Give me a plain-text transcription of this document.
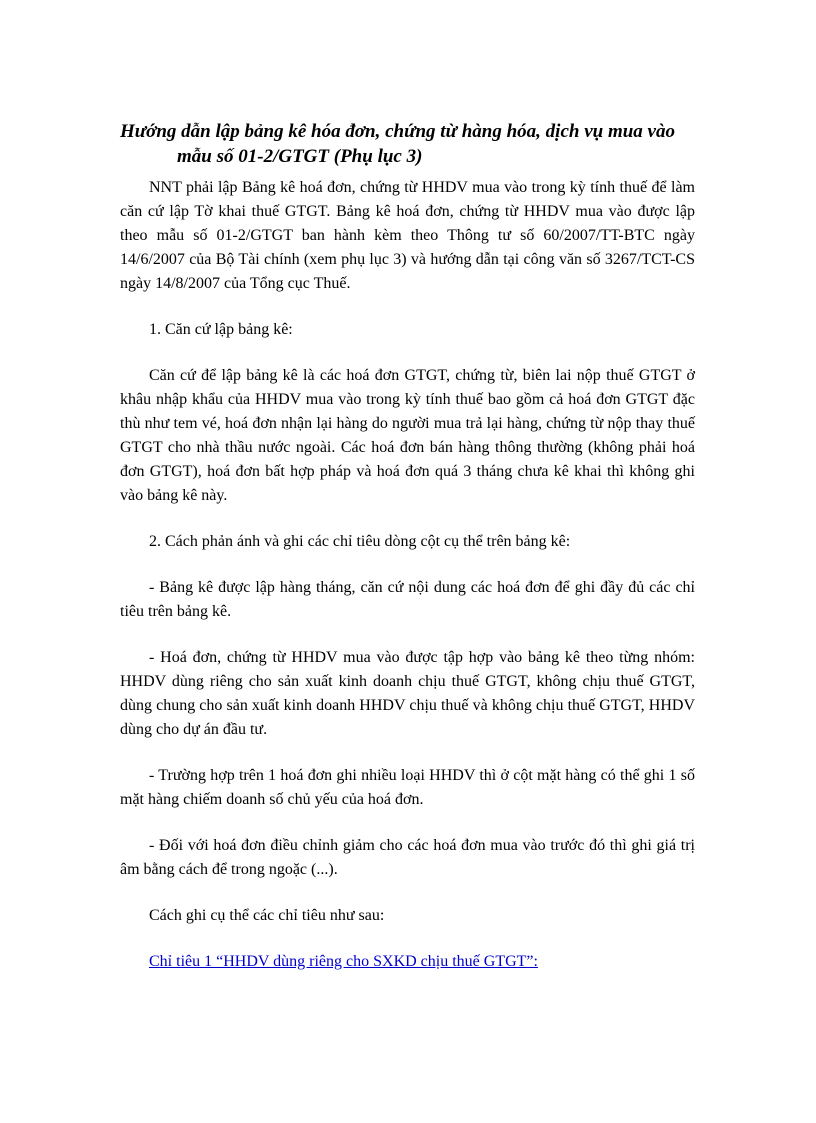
Hướng dẫn lập bảng kê hóa đơn, chứng từ hàng hóa, dịch vụ mua vào
mẫu số 01-2/GTGT (Phụ lục 3)

NNT phải lập Bảng kê hoá đơn, chứng từ HHDV mua vào trong kỳ tính thuế để làm căn cứ lập Tờ khai thuế GTGT. Bảng kê hoá đơn, chứng từ HHDV mua vào được lập theo mẫu số 01-2/GTGT ban hành kèm theo Thông tư số 60/2007/TT-BTC ngày 14/6/2007 của Bộ Tài chính (xem phụ lục 3) và hướng dẫn tại công văn số 3267/TCT-CS ngày 14/8/2007 của Tổng cục Thuế.

1. Căn cứ lập bảng kê:

Căn cứ để lập bảng kê là các hoá đơn GTGT, chứng từ, biên lai nộp thuế GTGT ở khâu nhập khẩu của HHDV mua vào trong kỳ tính thuế bao gồm cả hoá đơn GTGT đặc thù như tem vé, hoá đơn nhận lại hàng do người mua trả lại hàng, chứng từ nộp thay thuế GTGT cho nhà thầu nước ngoài. Các hoá đơn bán hàng thông thường (không phải hoá đơn GTGT), hoá đơn bất hợp pháp và hoá đơn quá 3 tháng chưa kê khai thì không ghi vào bảng kê này.

2. Cách phản ánh và ghi các chỉ tiêu dòng cột cụ thể trên bảng kê:

- Bảng kê được lập hàng tháng, căn cứ nội dung các hoá đơn để ghi đầy đủ các chỉ tiêu trên bảng kê.

- Hoá đơn, chứng từ HHDV mua vào được tập hợp vào bảng kê theo từng nhóm: HHDV dùng riêng cho sản xuất kinh doanh chịu thuế GTGT, không chịu thuế GTGT, dùng chung cho sản xuất kinh doanh HHDV chịu thuế và không chịu thuế GTGT, HHDV dùng cho dự án đầu tư.

- Trường hợp trên 1 hoá đơn ghi nhiều loại HHDV thì ở cột mặt hàng có thể ghi 1 số mặt hàng chiếm doanh số chủ yếu của hoá đơn.

- Đối với hoá đơn điều chỉnh giảm cho các hoá đơn mua vào trước đó thì ghi giá trị âm bằng cách để trong ngoặc (...).

Cách ghi cụ thể các chỉ tiêu như sau:

Chỉ tiêu 1 “HHDV dùng riêng cho SXKD chịu thuế GTGT”:
